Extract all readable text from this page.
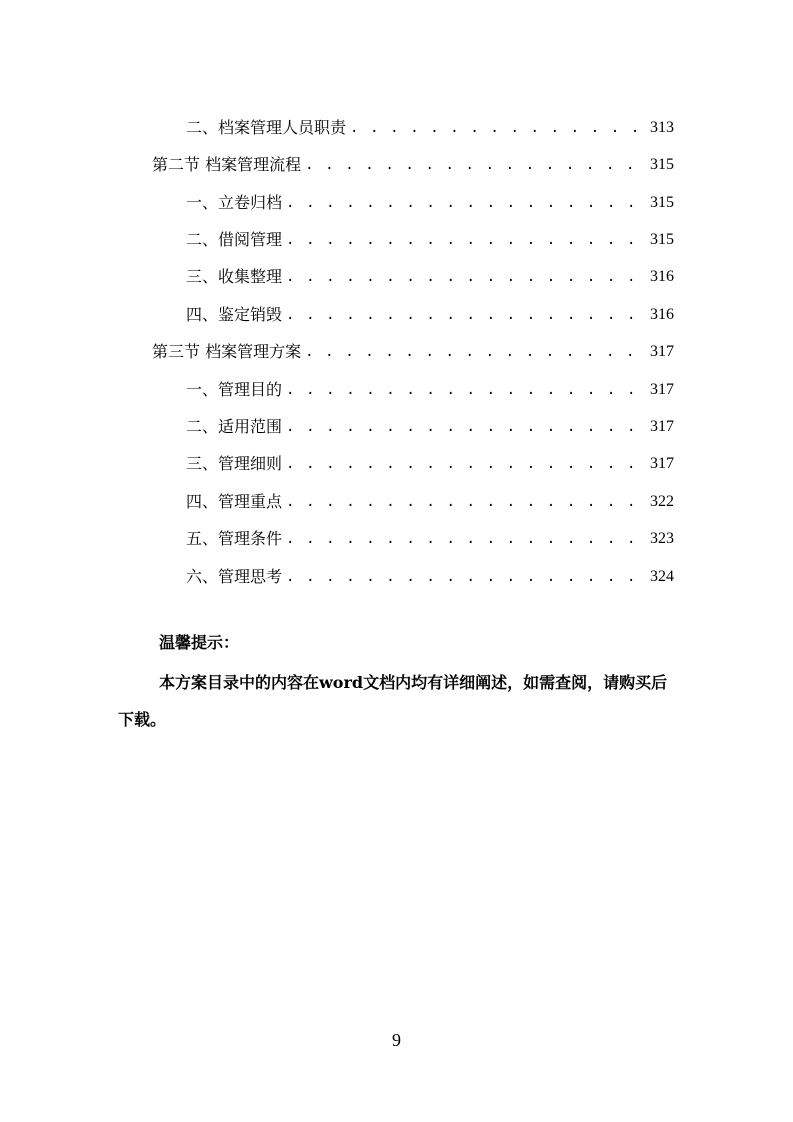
二、档案管理人员职责 . . .	313
第二节 档案管理流程 . . .	315
一、立卷归档 . . .	315
二、借阅管理 . . .	315
三、收集整理 . . .	316
四、鉴定销毁 . . .	316
第三节 档案管理方案 . . .	317
一、管理目的 . . .	317
二、适用范围 . . .	317
三、管理细则 . . .	317
四、管理重点 . . .	322
五、管理条件 . . .	323
六、管理思考 . . .	324
温馨提示：
本方案目录中的内容在word文档内均有详细阐述，如需查阅，请购买后下载。
9
